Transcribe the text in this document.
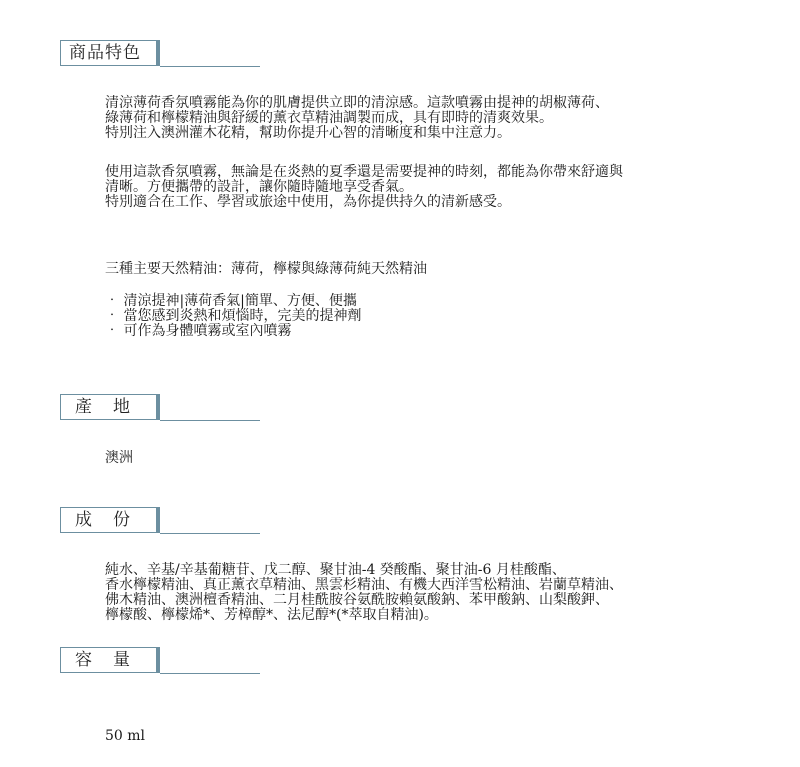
商品特色
清涼薄荷香氛噴霧能為你的肌膚提供立即的清涼感。這款噴霧由提神的胡椒薄荷、
綠薄荷和檸檬精油與舒緩的薰衣草精油調製而成，具有即時的清爽效果。
特別注入澳洲灌木花精，幫助你提升心智的清晰度和集中注意力。
使用這款香氛噴霧，無論是在炎熱的夏季還是需要提神的時刻，都能為你帶來舒適與
清晰。方便攜帶的設計，讓你隨時隨地享受香氣。
特別適合在工作、學習或旅途中使用，為你提供持久的清新感受。
三種主要天然精油：薄荷，檸檬與綠薄荷純天然精油
‧ 清涼提神|薄荷香氣|簡單、方便、便攜
‧ 當您感到炎熱和煩惱時，完美的提神劑
‧ 可作為身體噴霧或室內噴霧
產地
澳洲
成份
純水、辛基/辛基葡糖苷、戊二醇、聚甘油-4 癸酸酯、聚甘油-6 月桂酸酯、
香水檸檬精油、真正薰衣草精油、黑雲杉精油、有機大西洋雪松精油、岩蘭草精油、
佛木精油、澳洲檀香精油、二月桂酰胺谷氨酰胺賴氨酸鈉、苯甲酸鈉、山梨酸鉀、
檸檬酸、檸檬烯*、芳樟醇*、法尼醇*(*萃取自精油)。
容量
50 ml
